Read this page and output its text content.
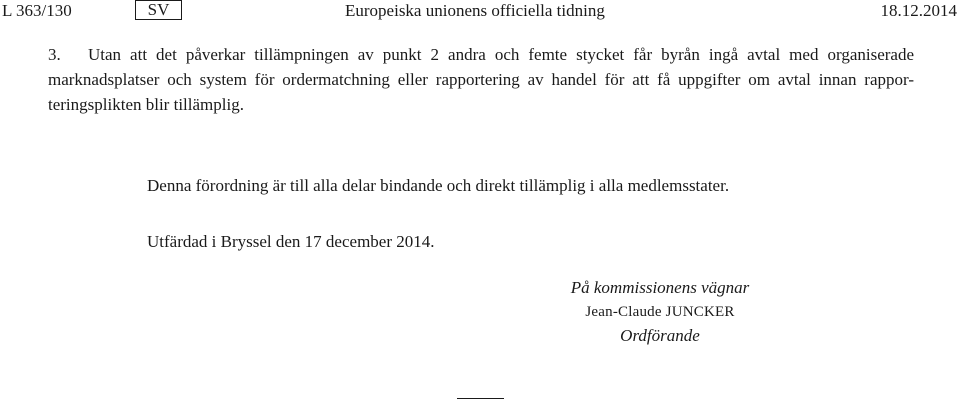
L 363/130	SV	Europeiska unionens officiella tidning	18.12.2014
3. Utan att det påverkar tillämpningen av punkt 2 andra och femte stycket får byrån ingå avtal med organiserade
marknadsplatser och system för ordermatchning eller rapportering av handel för att få uppgifter om avtal innan rappor-
teringsplikten blir tillämplig.
Denna förordning är till alla delar bindande och direkt tillämplig i alla medlemsstater.
Utfärdad i Bryssel den 17 december 2014.
På kommissionens vägnar
Jean-Claude JUNCKER
Ordförande
